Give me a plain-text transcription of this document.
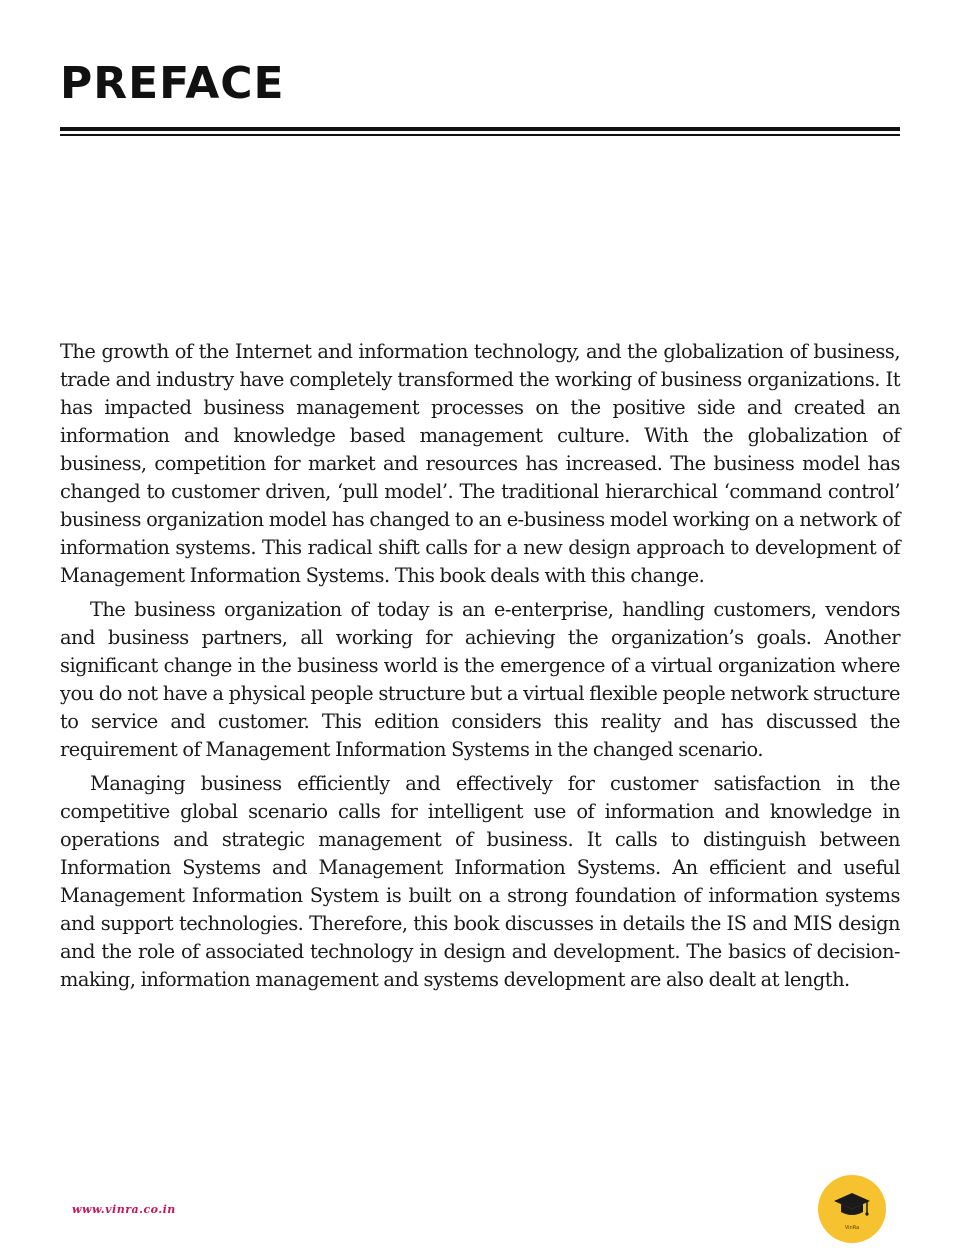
PREFACE

The growth of the Internet and information technology, and the globalization of business, trade and industry have completely transformed the working of business organizations. It has impacted business management processes on the positive side and created an information and knowledge based management culture. With the globalization of business, competition for market and resources has increased. The business model has changed to customer driven, ‘pull model’. The traditional hierarchical ‘command control’ business organization model has changed to an e-business model working on a network of information systems. This radical shift calls for a new design approach to development of Management Information Systems. This book deals with this change.

The business organization of today is an e-enterprise, handling customers, vendors and business partners, all working for achieving the organization’s goals. Another significant change in the business world is the emergence of a virtual organization where you do not have a physical people structure but a virtual flexible people network structure to service and customer. This edition considers this reality and has discussed the requirement of Management Information Systems in the changed scenario.

Managing business efficiently and effectively for customer satisfaction in the competitive global scenario calls for intelligent use of information and knowledge in operations and strategic management of business. It calls to distinguish between Information Systems and Management Information Systems. An efficient and useful Management Information System is built on a strong foundation of information systems and support technologies. Therefore, this book discusses in details the IS and MIS design and the role of associated technology in design and development. The basics of decision-making, information management and systems development are also dealt at length.

www.vinra.co.in
VinRa
